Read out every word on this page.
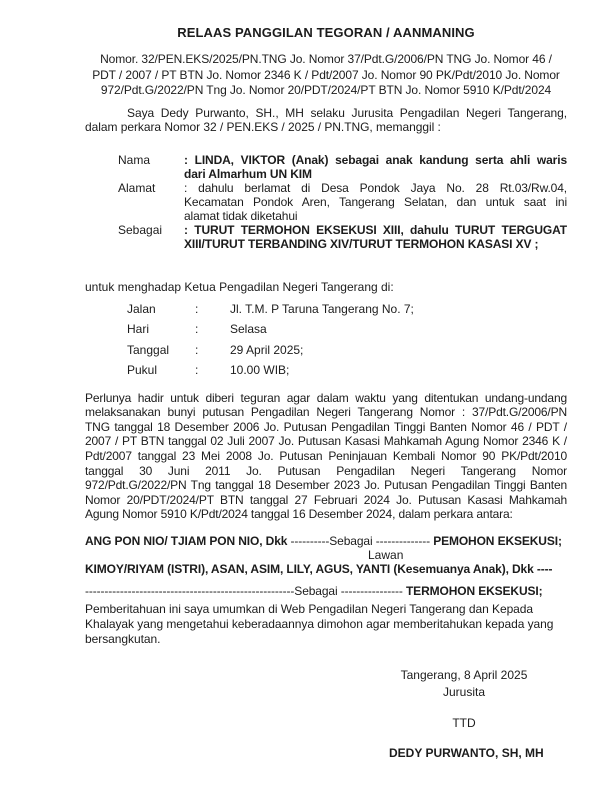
RELAAS PANGGILAN TEGORAN / AANMANING
Nomor. 32/PEN.EKS/2025/PN.TNG Jo. Nomor 37/Pdt.G/2006/PN TNG Jo. Nomor 46 /
PDT / 2007 / PT BTN Jo. Nomor 2346 K / Pdt/2007 Jo. Nomor 90 PK/Pdt/2010 Jo. Nomor
972/Pdt.G/2022/PN Tng Jo. Nomor 20/PDT/2024/PT BTN Jo. Nomor 5910 K/Pdt/2024
Saya Dedy Purwanto, SH., MH selaku Jurusita Pengadilan Negeri Tangerang,
dalam perkara Nomor 32 / PEN.EKS / 2025 / PN.TNG, memanggil :
Nama	: LINDA, VIKTOR (Anak) sebagai anak kandung serta ahli waris
dari Almarhum UN KIM
Alamat	: dahulu berlamat di Desa Pondok Jaya No. 28 Rt.03/Rw.04,
Kecamatan Pondok Aren, Tangerang Selatan, dan untuk saat ini
alamat tidak diketahui
Sebagai	: TURUT TERMOHON EKSEKUSI XIII, dahulu TURUT TERGUGAT
XIII/TURUT TERBANDING XIV/TURUT TERMOHON KASASI XV ;
untuk menghadap Ketua Pengadilan Negeri Tangerang di:
Jalan	:	Jl. T.M. P Taruna Tangerang No. 7;
Hari	:	Selasa
Tanggal	:	29 April 2025;
Pukul	:	10.00 WIB;
Perlunya hadir untuk diberi teguran agar dalam waktu yang ditentukan undang-undang
melaksanakan bunyi putusan Pengadilan Negeri Tangerang Nomor : 37/Pdt.G/2006/PN
TNG tanggal 18 Desember 2006 Jo. Putusan Pengadilan Tinggi Banten Nomor 46 / PDT /
2007 / PT BTN tanggal 02 Juli 2007 Jo. Putusan Kasasi Mahkamah Agung Nomor 2346 K /
Pdt/2007 tanggal 23 Mei 2008 Jo. Putusan Peninjauan Kembali Nomor 90 PK/Pdt/2010
tanggal 30 Juni 2011 Jo. Putusan Pengadilan Negeri Tangerang Nomor
972/Pdt.G/2022/PN Tng tanggal 18 Desember 2023 Jo. Putusan Pengadilan Tinggi Banten
Nomor 20/PDT/2024/PT BTN tanggal 27 Februari 2024 Jo. Putusan Kasasi Mahkamah
Agung Nomor 5910 K/Pdt/2024 tanggal 16 Desember 2024, dalam perkara antara:
ANG PON NIO/ TJIAM PON NIO, Dkk ----------Sebagai -------------- PEMOHON EKSEKUSI;
Lawan
KIMOY/RIYAM (ISTRI), ASAN, ASIM, LILY, AGUS, YANTI (Kesemuanya Anak), Dkk ----
------------------------------------------------------Sebagai ---------------- TERMOHON EKSEKUSI;
Pemberitahuan ini saya umumkan di Web Pengadilan Negeri Tangerang dan Kepada
Khalayak yang mengetahui keberadaannya dimohon agar memberitahukan kepada yang
bersangkutan.
Tangerang, 8 April 2025
Jurusita
TTD
DEDY PURWANTO, SH, MH
